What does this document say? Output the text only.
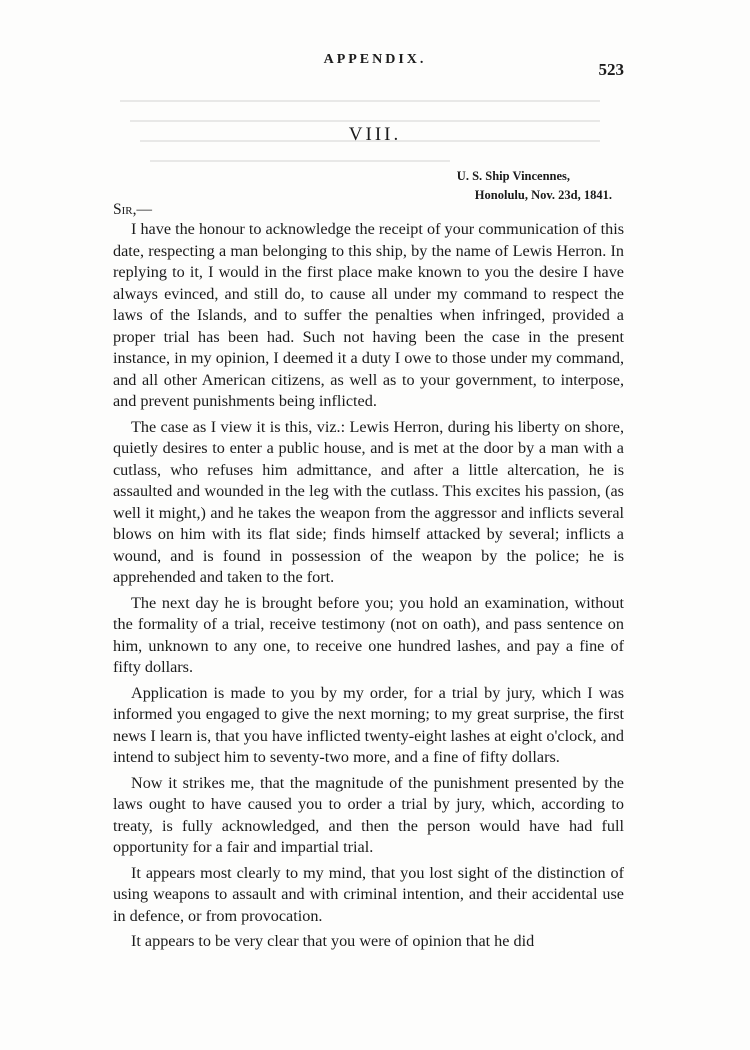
APPENDIX.
523
VIII.
U. S. Ship Vincennes,
Honolulu, Nov. 23d, 1841.
Sir,—

I have the honour to acknowledge the receipt of your communication of this date, respecting a man belonging to this ship, by the name of Lewis Herron. In replying to it, I would in the first place make known to you the desire I have always evinced, and still do, to cause all under my command to respect the laws of the Islands, and to suffer the penalties when infringed, provided a proper trial has been had. Such not having been the case in the present instance, in my opinion, I deemed it a duty I owe to those under my command, and all other American citizens, as well as to your government, to interpose, and prevent punishments being inflicted.

The case as I view it is this, viz.: Lewis Herron, during his liberty on shore, quietly desires to enter a public house, and is met at the door by a man with a cutlass, who refuses him admittance, and after a little altercation, he is assaulted and wounded in the leg with the cutlass. This excites his passion, (as well it might,) and he takes the weapon from the aggressor and inflicts several blows on him with its flat side; finds himself attacked by several; inflicts a wound, and is found in possession of the weapon by the police; he is apprehended and taken to the fort.

The next day he is brought before you; you hold an examination, without the formality of a trial, receive testimony (not on oath), and pass sentence on him, unknown to any one, to receive one hundred lashes, and pay a fine of fifty dollars.

Application is made to you by my order, for a trial by jury, which I was informed you engaged to give the next morning; to my great surprise, the first news I learn is, that you have inflicted twenty-eight lashes at eight o'clock, and intend to subject him to seventy-two more, and a fine of fifty dollars.

Now it strikes me, that the magnitude of the punishment presented by the laws ought to have caused you to order a trial by jury, which, according to treaty, is fully acknowledged, and then the person would have had full opportunity for a fair and impartial trial.

It appears most clearly to my mind, that you lost sight of the distinction of using weapons to assault and with criminal intention, and their accidental use in defence, or from provocation.

It appears to be very clear that you were of opinion that he did
